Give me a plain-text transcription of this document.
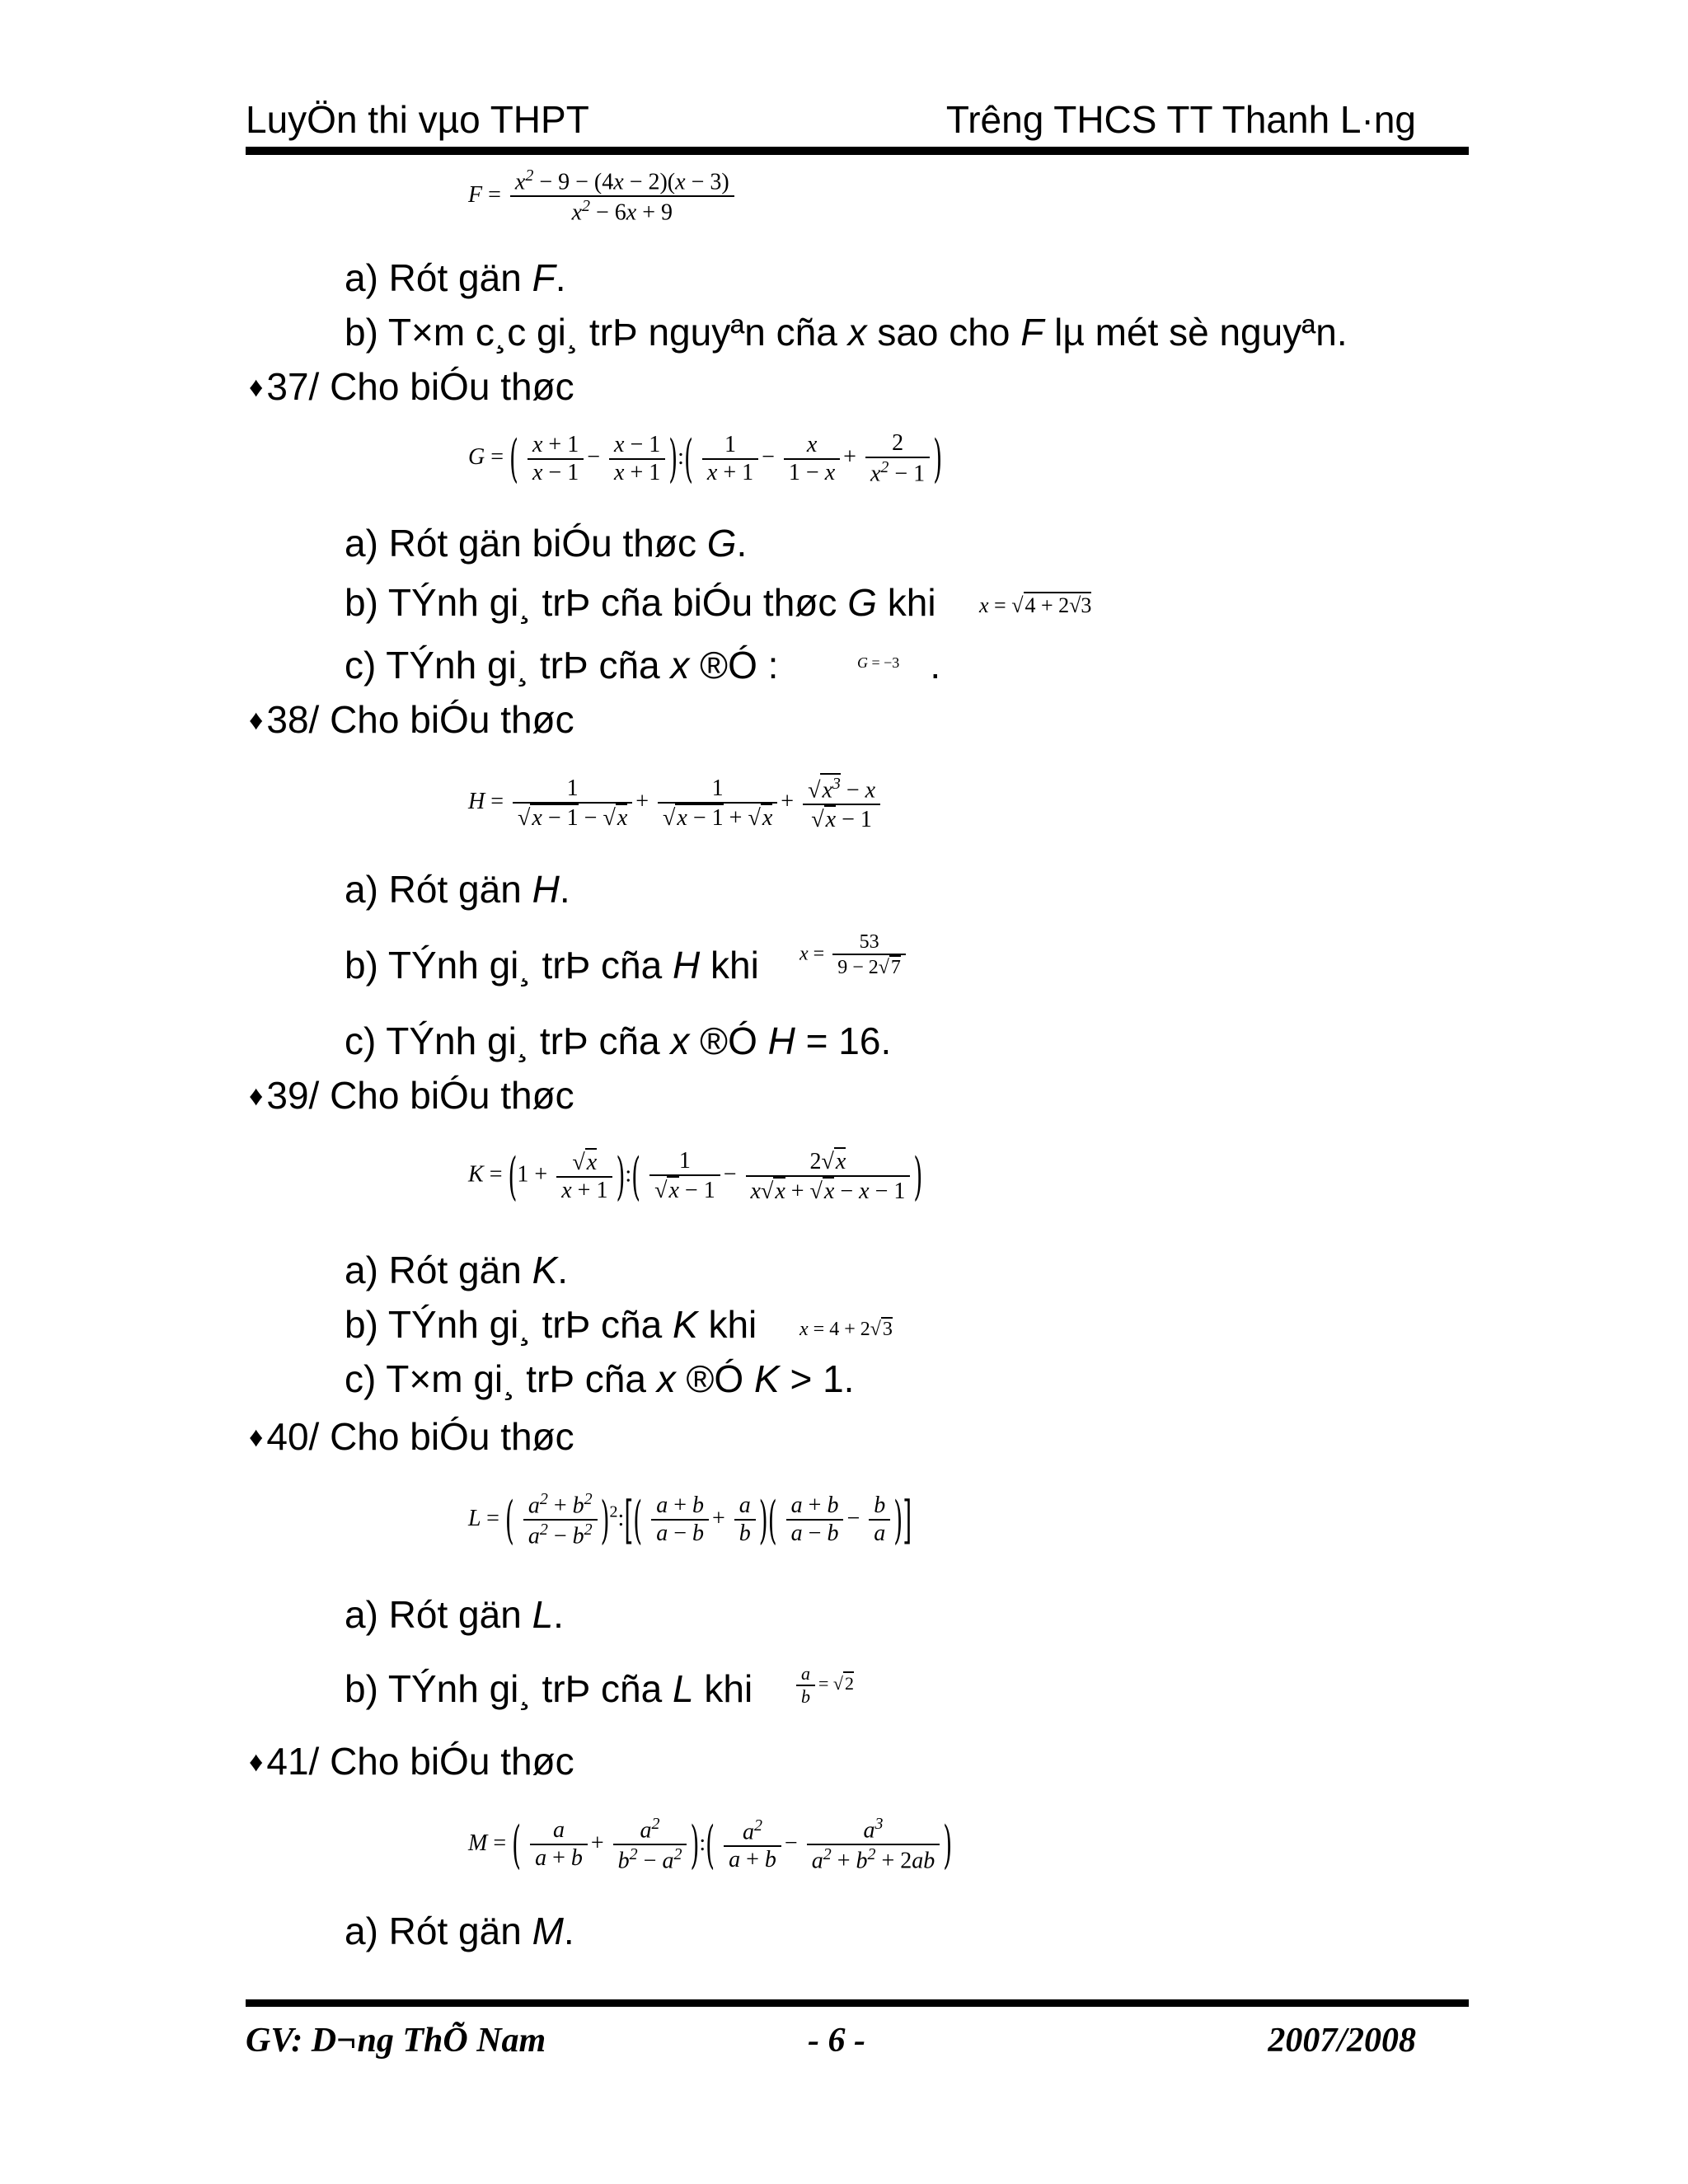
LuyÖn thi vµo THPT	Trêng THCS TT Thanh L·ng
$F = \frac{x^2 - 9 - (4x - 2)(x - 3)}{x^2 - 6x + 9}$
a) Rót gän F.
b) T×m c¸c gi¸ trÞ nguyªn cña x sao cho F lµ mét sè nguyªn.
♦37/ Cho biÓu thøc
G = ( $\frac{x + 1}{x - 1} - \frac{x - 1}{x + 1}$ ):( $\frac{1}{x + 1} - \frac{x}{1 - x} + \frac{2}{x^2 - 1}$ )
a) Rót gän biÓu thøc G.
b) TÝnh gi¸ trÞ cña biÓu thøc G khi x = √4 + 2√3
c) TÝnh gi¸ trÞ cña x ®Ó :	.
G = −3
♦38/ Cho biÓu thøc
$H = \frac{1}{√x - 1 - √x} + \frac{1}{√x - 1 + √x} + \frac{√x^3 - x}{√x - 1}$
a) Rót gän H.
b) TÝnh gi¸ trÞ cña H khi $x = \frac{53}{9 - 2√7}$
c) TÝnh gi¸ trÞ cña x ®Ó H = 16.
♦39/ Cho biÓu thøc
$K = (1 + \frac{√x}{x + 1}$ ):( $\frac{1}{√x - 1} - \frac{2√x}{x√x + √x - x - 1}$ )
a) Rót gän K.
b) TÝnh gi¸ trÞ cña K khi x = 4 + 2√3
c) T×m gi¸ trÞ cña x ®Ó K > 1.
♦40/ Cho biÓu thøc
L = ( $\frac{a^2 + b^2}{a^2 - b^2}$ )$^2$:[( $\frac{a + b}{a - b} + \frac{a}{b}$ )( $\frac{a + b}{a - b} - \frac{b}{a}$ )]
a) Rót gän L.
b) TÝnh gi¸ trÞ cña L khi $\frac{a}{b} = √2$
♦41/ Cho biÓu thøc
M = ( $\frac{a}{a + b} + \frac{a^2}{b^2 - a^2}$ ):( $\frac{a^2}{a + b} - \frac{a^3}{a^2 + b^2 + 2ab}$ )
a) Rót gän M.
GV: D¬ng ThÕ Nam	- 6 -	2007/2008
